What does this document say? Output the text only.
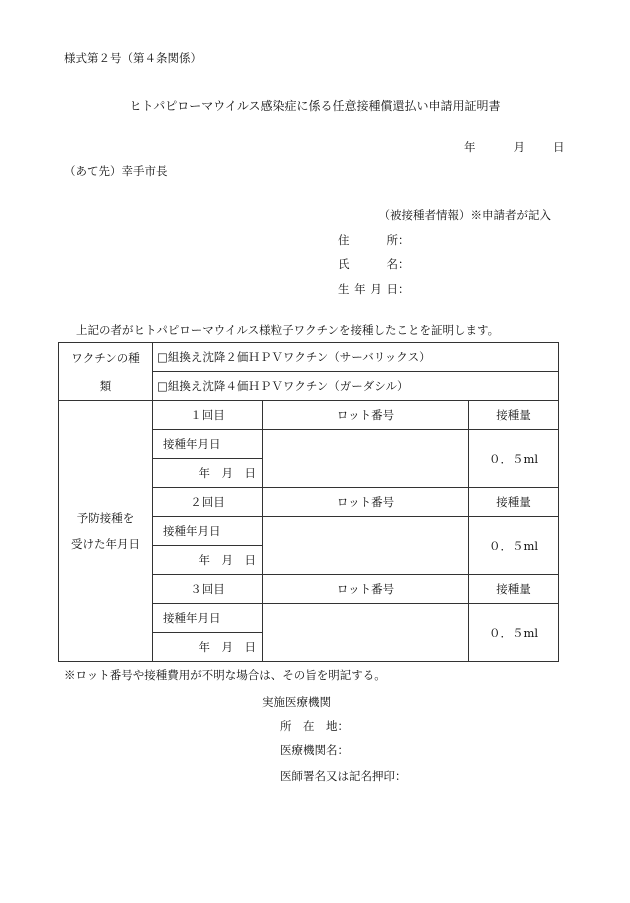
様式第２号（第４条関係）
ヒトパピローマウイルス感染症に係る任意接種償還払い申請用証明書
年	月 日
（あて先）幸手市長
（被接種者情報）※申請者が記入
住所：
氏名：
生年月日：
上記の者がヒトパピローマウイルス様粒子ワクチンを接種したことを証明します。
ワクチンの種
類	□組換え沈降２価ＨＰＶワクチン（サーバリックス）		
	□組換え沈降４価ＨＰＶワクチン（ガーダシル）		
予防接種を
受けた年月日	１回目	ロット番号	接種量
	接種年月日		０．５ml
	年　月　日		
	２回目	ロット番号	接種量
	接種年月日		０．５ml
	年　月　日		
	３回目	ロット番号	接種量
	接種年月日		０．５ml
	年　月　日		
※ロット番号や接種費用が不明な場合は、その旨を明記する。
実施医療機関
所　在　地：
医療機関名：
医師署名又は記名押印：
